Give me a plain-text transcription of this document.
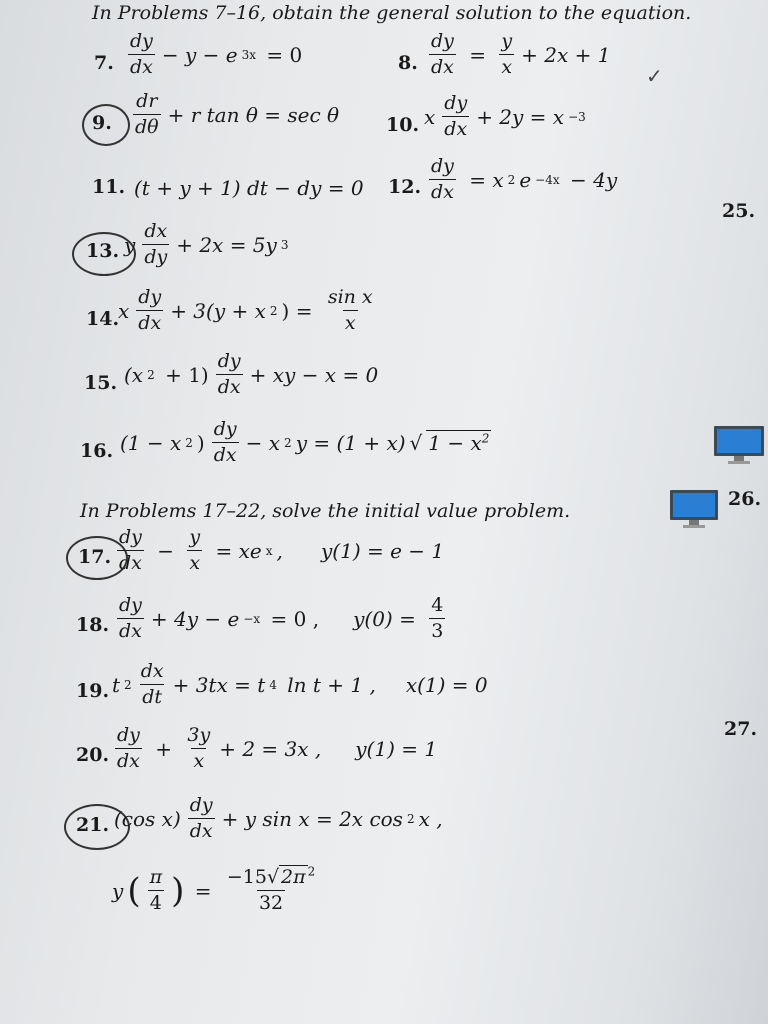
In Problems 7–16, obtain the general solution to the equation.
7. $\frac{dy}{dx} - y - e$ 3x = 0	8. $\frac{dy}{dx} = \frac{y}{x} + 2x + 1$
✓
9. $\frac{dr}{d\theta} + r$ tan θ = sec θ 10. x $\frac{dy}{dx} + 2y = x -3$
11. (t + y + 1) dt − dy = 0 12. $\frac{dy}{dx} = x$ 2 e −4x − 4y
25.
13. y $\frac{dx}{dy} + 2x = 5y$ 3
14.
x $\frac{dy}{dx} + 3(y + x$ 2 ) = $\frac{\text{sin x}}{x}$
15. (x $2 + 1) \frac{dy}{dx}$ + xy − x = 0
16. (1 − x 2 ) $\frac{dy}{dx} - x$ 2 y = (1 + x) √ $1 - x^2$
26.
In Problems 17–22, solve the initial value problem.
17. $\frac{dy}{dx} - \frac{y}{x}$ = xe x ,      y(1) = e − 1
18. $\frac{dy}{dx} + 4y - e -x = 0$ , $y(0) = \frac{4}{3}$
19. t $2 \frac{dx}{dt} + 3tx = t$ 4 ln t + 1 , x(1) = 0
27.
20. $\frac{dy}{dx} + \frac{3y}{x} + 2 = 3x$ , y(1) = 1
21. (cos $x) \frac{dy}{dx} + y$ sin x = 2x cos 2 x ,
y ( $\frac{\pi}{4}$ ) = $\frac{-15√ 2\pi ^2}{32}$
